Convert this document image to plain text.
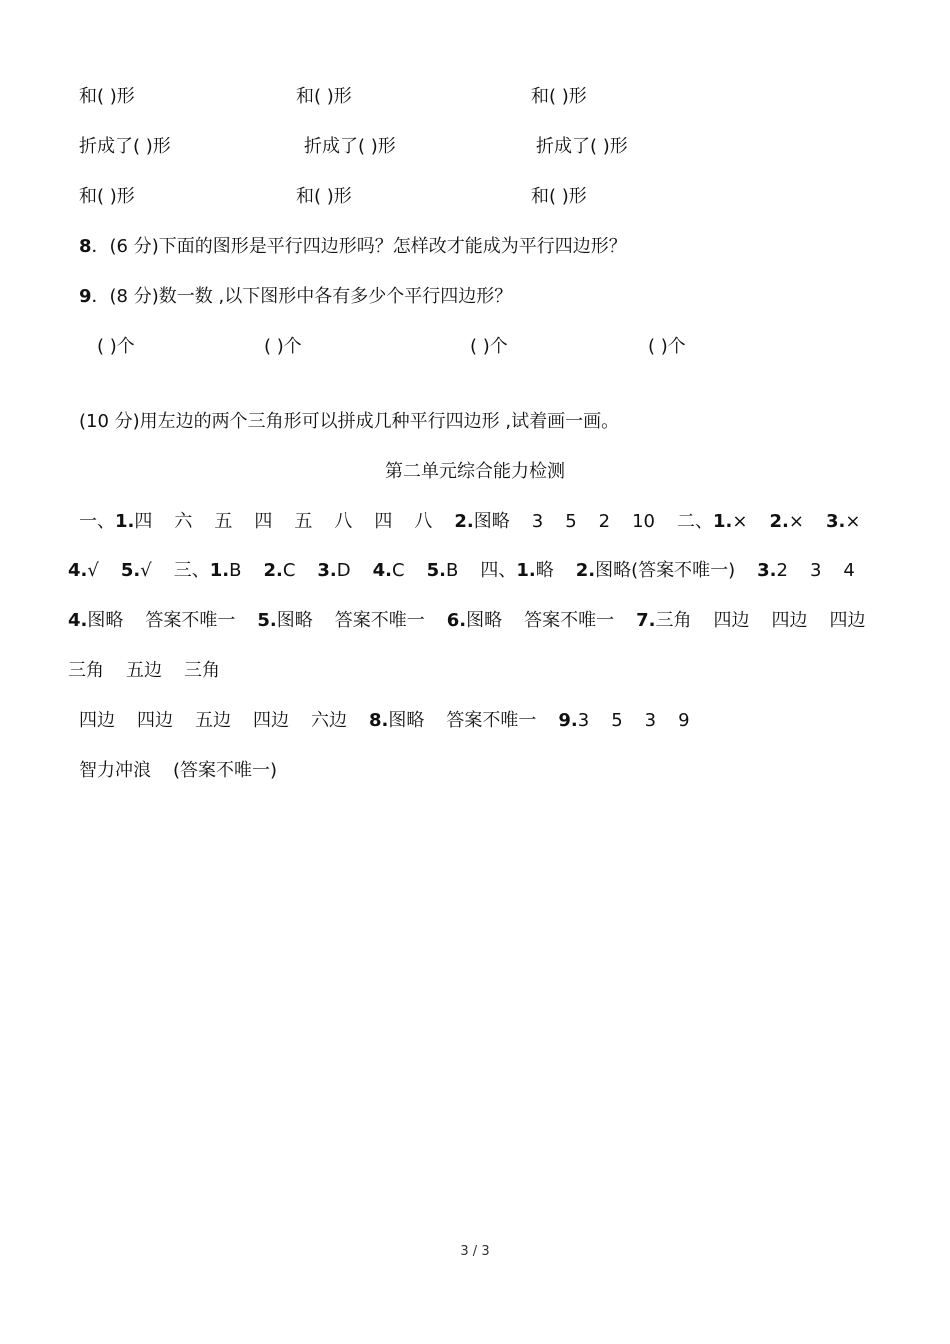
和( )形	和( )形	和( )形
折成了( )形	折成了( )形	折成了( )形
和( )形	和( )形	和( )形
8．(6 分)下面的图形是平行四边形吗？怎样改才能成为平行四边形？
9．(8 分)数一数 ,以下图形中各有多少个平行四边形？
( )个	( )个	( )个	( )个
(10 分)用左边的两个三角形可以拼成几种平行四边形 ,试着画一画。
第二单元综合能力检测
一、1.四 六 五 四 五 八 四 八 2.图略 3 5 2 10 二、1.× 2.× 3.×
4.√ 5.√ 三、1.B 2.C 3.D 4.C 5.B 四、1.略 2.图略(答案不唯一) 3.2 3 4
4.图略 答案不唯一 5.图略 答案不唯一 6.图略 答案不唯一 7.三角 四边 四边 四边
三角 五边 三角
四边 四边 五边 四边 六边 8.图略 答案不唯一 9.3 5 3 9
智力冲浪 (答案不唯一)
3 / 3
